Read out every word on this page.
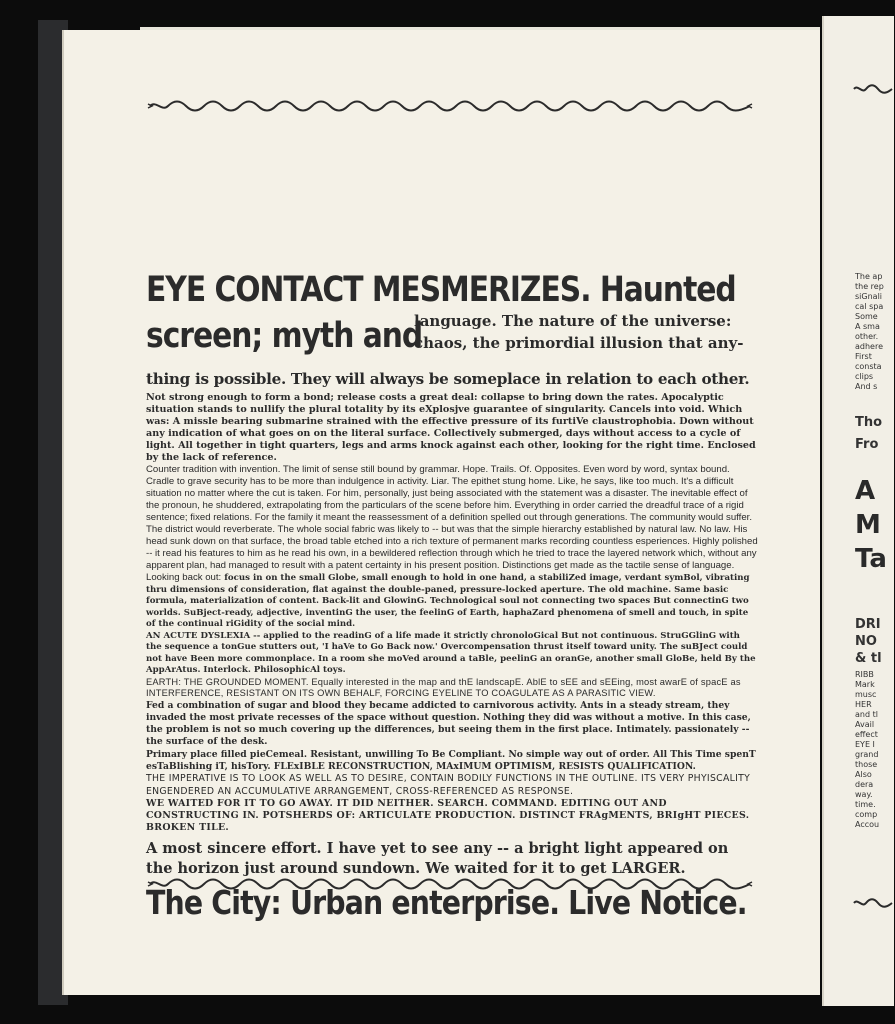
EYE CONTACT MESMERIZES. Haunted
screen; myth and
language. The nature of the universe: chaos, the primordial illusion that any-

thing is possible. They will always be someplace in relation to each other.

Not strong enough to form a bond; release costs a great deal: collapse to bring down the rates. Apocalyptic situation stands to nullify the plural totality by its eXplosjve guarantee of singularity. Cancels into void. Which was: A missle bearing submarine strained with the effective pressure of its furtiVe claustrophobia. Down without any indication of what goes on on the literal surface. Collectively submerged, days without access to a cycle of light. All together in tight quarters, legs and arms knock against each other, looking for the right time. Enclosed by the lack of reference.

Counter tradition with invention. The limit of sense still bound by grammar. Hope. Trails. Of. Opposites. Even word by word, syntax bound. Cradle to grave security has to be more than indulgence in activity. Liar. The epithet stung home. Like, he says, like too much. It's a difficult situation no matter where the cut is taken. For him, personally, just being associated with the statement was a disaster. The inevitable effect of the pronoun, he shuddered, extrapolating from the particulars of the scene before him. Everything in order carried the dreadful trace of a rigid sentence; fixed relations. For the family it meant the reassessment of a definition spelled out through generations. The community would suffer. The district would reverberate. The whole social fabric was likely to -- but was that the simple hierarchy established by natural law. No law. His head sunk down on that surface, the broad table etched into a rich texture of permanent marks recording countless esperiences. Highly polished -- it read his features to him as he read his own, in a bewildered reflection through which he tried to trace the layered network which, without any apparent plan, had managed to result with a patent certainty in his present position. Distinctions get made as the tactile sense of language.

Looking back out: focus in on the small Globe, small enough to hold in one hand, a stabiliZed image, verdant symBol, vibrating thru dimensions of consideration, flat against the double-paned, pressure-locked aperture. The old machine. Same basic formula, materialization of content. Back-lit and GlowinG. Technological soul not connecting two spaces But connectinG two worlds. SuBject-ready, adjective, inventinG the user, the feelinG of Earth, haphaZard phenomena of smell and touch, in spite of the continual riGidity of the social mind.

AN ACUTE DYSLEXIA -- applied to the readinG of a life made it strictly chronoloGical But not continuous. StruGGlinG with the sequence a tonGue stutters out, 'I haVe to Go Back now.' Overcompensation thrust itself toward unity. The suBJect could not have Been more commonplace. In a room she moVed around a taBle, peelinG an oranGe, another small GloBe, held By the AppArAtus. Interlock. PhilosophicAl toys.

EARTH: THE GROUNDED MOMENT. Equally interested in the map and thE landscapE. AblE to sEE and sEEing, most awarE of spacE as INTERFERENCE, RESISTANT ON ITS OWN BEHALF, FORCING EYELINE TO COAGULATE AS A PARASITIC VIEW.

Fed a combination of sugar and blood they became addicted to carnivorous activity. Ants in a steady stream, they invaded the most private recesses of the space without question. Nothing they did was without a motive. In this case, the problem is not so much covering up the differences, but seeing them in the first place. Intimately. passionately -- the surface of the desk.

Primary place filled pieCemeal. Resistant, unwilling To Be Compliant. No simple way out of order. All This Time spenT esTaBlishing iT, hisTory. FLExIBLE RECONSTRUCTION, MAxIMUM OPTIMISM, RESISTS QUALIFICATION.

THE IMPERATIVE IS TO LOOK AS WELL AS TO DESIRE, CONTAIN BODILY FUNCTIONS IN THE OUTLINE. ITS VERY PHYISCALITY ENGENDERED AN ACCUMULATIVE ARRANGEMENT, CROSS-REFERENCED AS RESPONSE.

WE WAITED FOR IT TO GO AWAY. IT DID NEITHER. SEARCH. COMMAND. EDITING OUT AND CONSTRUCTING IN. POTSHERDS OF: ARTICULATE PRODUCTION. DISTINCT FRAgMENTS, BRIgHT PIECES. BROKEN TILE.

A most sincere effort. I have yet to see any -- a bright light appeared on the horizon just around sundown. We waited for it to get LARGER.

The City: Urban enterprise. Live Notice.

The ap
the rep
siGnali
cal spa
Some
A sma
other.
adhere
First
consta
clips
And s
Tho
Fro
A
M
Ta
DRI
NO
& tl
RIBB
Mark
musc
HER
and tl
Avail
effect
EYE I
grand
those
Also
dera
way.
time.
comp
Accou
